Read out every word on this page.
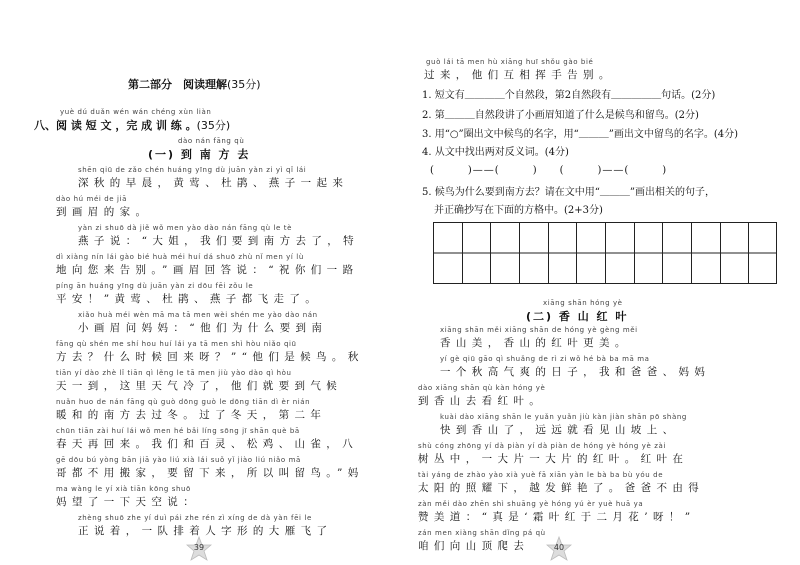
第二部分　阅读理解(35分)
yuè dú duǎn wén wán chéng xùn liàn
八、阅 读 短 文 ，完 成 训 练 。(35分)
dào nán fāng qù
(一) 到 南 方 去
shēn qiū de zǎo chén huáng yīng dù juān yàn zi yì qǐ lái
深秋的早晨，黄莺、杜鹃、燕子一起来
dào hú méi de jiā
到画眉的家。
yàn zi shuō dà jiě wǒ men yào dào nán fāng qù le tè
燕子说：“大姐，我们要到南方去了，特
dì xiàng nín lái gào bié huà méi huí dá shuō zhù nǐ men yí lù
地向您来告别。”画眉回答说：“祝你们一路
píng ān huáng yīng dù juān yàn zi dōu fēi zǒu le
平安！”黄莺、杜鹃、燕子都飞走了。
xiǎo huà méi wèn mā ma tā men wèi shén me yào dào nán
小画眉问妈妈：“他们为什么要到南
fāng qù shén me shí hou huí lái ya tā men shì hòu niǎo qiū
方去？什么时候回来呀？”“他们是候鸟。秋
tiān yí dào zhè lǐ tiān qì lěng le tā men jiù yào dào qì hòu
天一到，这里天气冷了，他们就要到气候
nuǎn huo de nán fāng qù guò dōng guò le dōng tiān dì èr nián
暖和的南方去过冬。过了冬天，第二年
chūn tiān zài huí lái wǒ men hé bǎi líng sōng jī shān què bā
春天再回来。我们和百灵、松鸡、山雀，八
gē dōu bú yòng bān jiā yào liú xià lái suǒ yǐ jiào liú niǎo mā
哥都不用搬家，要留下来，所以叫留鸟。”妈
ma wàng le yí xià tiān kōng shuō
妈望了一下天空说：
zhèng shuō zhe yí duì pái zhe rén zì xíng de dà yàn fēi le
正说着，一队排着人字形的大雁飞了
39
guò lái tā men hù xiāng huī shǒu gào bié
过来，他们互相挥手告别。
1. 短文有＿＿＿＿个自然段，第2自然段有＿＿＿＿＿句话。(2分)
2. 第＿＿＿自然段讲了小画眉知道了什么是候鸟和留鸟。(2分)
3. 用“○”圈出文中候鸟的名字，用“＿＿＿”画出文中留鸟的名字。(4分)
4. 从文中找出两对反义词。(4分)
(　　　)——(　　　)　　(　　　)——(　　　)
5. 候鸟为什么要到南方去？请在文中用“＿＿＿”画出相关的句子，
并正确抄写在下面的方格中。(2+3分)
xiāng shān hóng yè
(二) 香 山 红 叶
xiāng shān měi xiāng shān de hóng yè gèng měi
香山美，香山的红叶更美。
yí gè qiū gāo qì shuǎng de rì zi wǒ hé bà ba mā ma
一个秋高气爽的日子，我和爸爸、妈妈
dào xiāng shān qù kàn hóng yè
到香山去看红叶。
kuài dào xiāng shān le yuǎn yuǎn jiù kàn jiàn shān pō shàng
快到香山了，远远就看见山坡上、
shù cóng zhōng yí dà piàn yí dà piàn de hóng yè hóng yè zài
树丛中，一大片一大片的红叶。红叶在
tài yáng de zhào yào xià yuè fā xiān yàn le bà ba bù yóu de
太阳的照耀下，越发鲜艳了。爸爸不由得
zàn měi dào zhēn shì shuāng yè hóng yú èr yuè huā ya
赞美道：“真是‘霜叶红于二月花’呀！”
zán men xiàng shān dǐng pá qù
咱们向山顶爬去	40
